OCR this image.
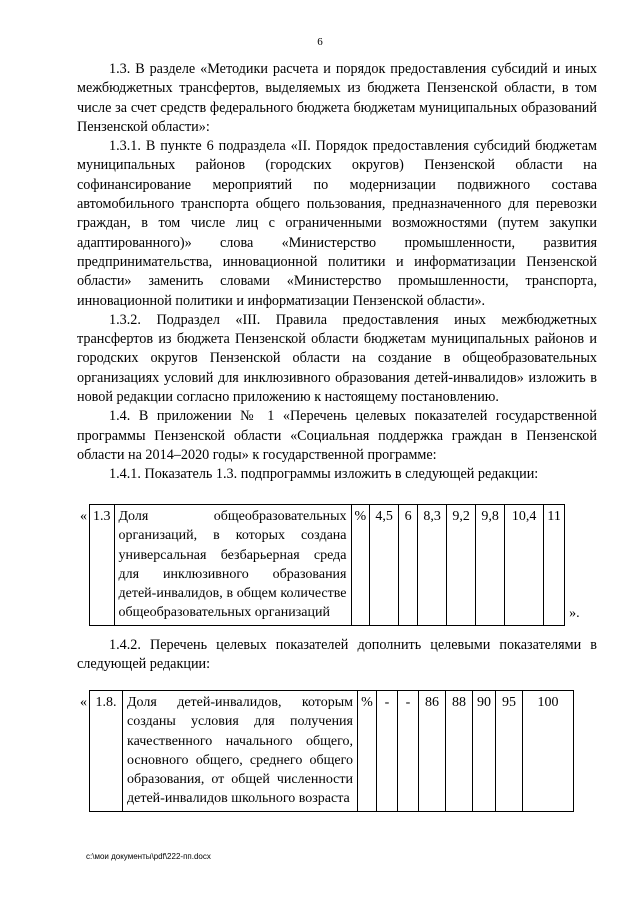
6

1.3. В разделе «Методики расчета и порядок предоставления субсидий и иных межбюджетных трансфертов, выделяемых из бюджета Пензенской области, в том числе за счет средств федерального бюджета бюджетам муниципальных образований Пензенской области»:

1.3.1. В пункте 6 подраздела «II. Порядок предоставления субсидий бюджетам муниципальных районов (городских округов) Пензенской области на софинансирование мероприятий по модернизации подвижного состава автомобильного транспорта общего пользования, предназначенного для перевозки граждан, в том числе лиц с ограниченными возможностями (путем закупки адаптированного)» слова «Министерство промышленности, развития предпринимательства, инновационной политики и информатизации Пензенской области» заменить словами «Министерство промышленности, транспорта, инновационной политики и информатизации Пензенской области».

1.3.2. Подраздел «III. Правила предоставления иных межбюджетных трансфертов из бюджета Пензенской области бюджетам муниципальных районов и городских округов Пензенской области на создание в общеобразовательных организациях условий для инклюзивного образования детей-инвалидов» изложить в новой редакции согласно приложению к настоящему постановлению.

1.4. В приложении № 1 «Перечень целевых показателей государственной программы Пензенской области «Социальная поддержка граждан в Пензенской области на 2014–2020 годы» к государственной программе:

1.4.1. Показатель 1.3. подпрограммы изложить в следующей редакции:

«	1.3	Доля общеобразовательных организаций, в которых создана универсальная безбарьерная среда для инклюзивного образования детей-инвалидов, в общем количестве общеобразовательных организаций	%	4,5	6	8,3	9,2	9,8	10,4	11	».

1.4.2. Перечень целевых показателей дополнить целевыми показателями в следующей редакции:

«	1.8.	Доля детей-инвалидов, которым созданы условия для получения качественного начального общего, основного общего, среднего общего образования, от общей численности детей-инвалидов школьного возраста	%	-	-	86	88	90	95	100
c:\мои документы\pdf\222-пп.docx
